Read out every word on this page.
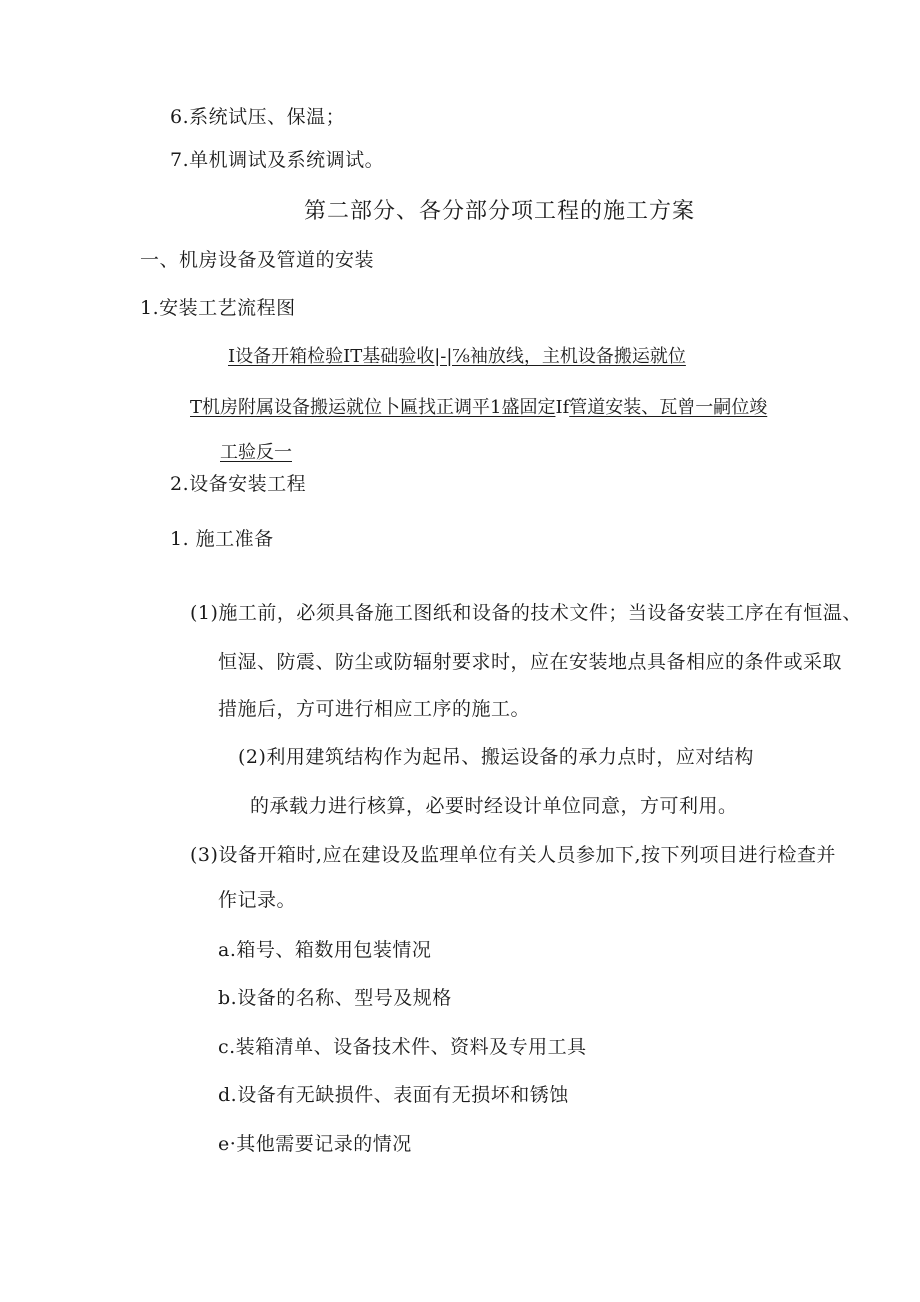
6.系统试压、保温；
7.单机调试及系统调试。
第二部分、各分部分项工程的施工方案
一、机房设备及管道的安装
1.安装工艺流程图
I设备开箱检验IT基础验收|-|⅞袖放线，主机设备搬运就位
T机房附属设备搬运就位卜匾找正调平1盛固定If管道安装、瓦曾一嗣位竣
工验反一
2.设备安装工程
1. 施工准备
(1)施工前，必须具备施工图纸和设备的技术文件；当设备安装工序在有恒温、
恒湿、防震、防尘或防辐射要求时，应在安装地点具备相应的条件或采取
措施后，方可进行相应工序的施工。
(2)利用建筑结构作为起吊、搬运设备的承力点时，应对结构
的承载力进行核算，必要时经设计单位同意，方可利用。
(3)设备开箱时,应在建设及监理单位有关人员参加下,按下列项目进行检查并
作记录。
a.箱号、箱数用包装情况
b.设备的名称、型号及规格
c.装箱清单、设备技术件、资料及专用工具
d.设备有无缺损件、表面有无损坏和锈蚀
e·其他需要记录的情况
